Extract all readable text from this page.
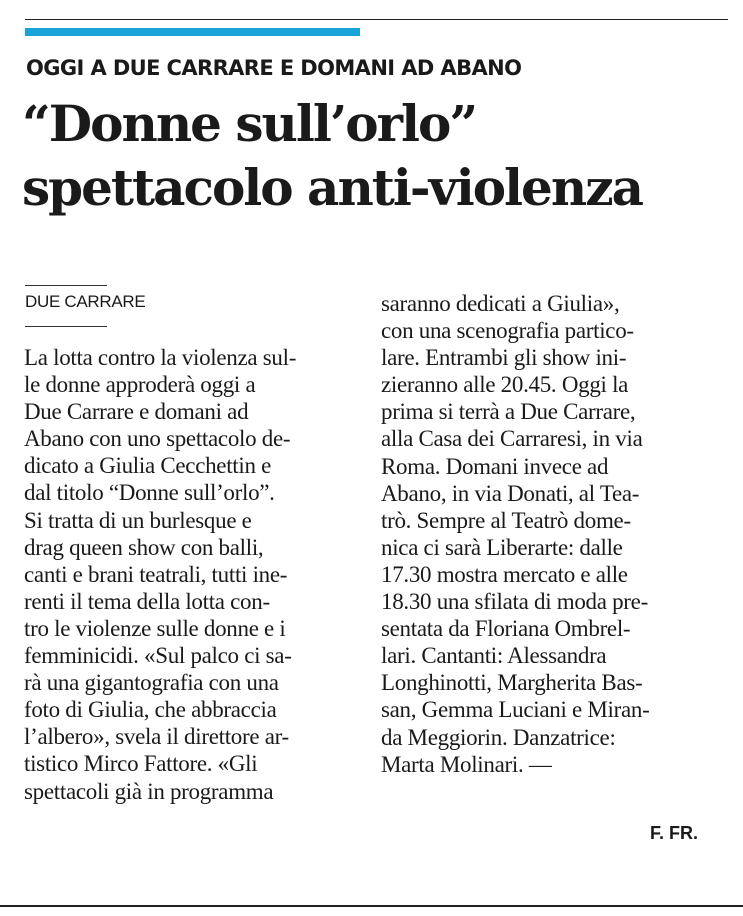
OGGI A DUE CARRARE E DOMANI AD ABANO
“Donne sull’orlo”
spettacolo anti-violenza
DUE CARRARE
La lotta contro la violenza sul-
le donne approderà oggi a
Due Carrare e domani ad
Abano con uno spettacolo de-
dicato a Giulia Cecchettin e
dal titolo “Donne sull’orlo”.
Si tratta di un burlesque e
drag queen show con balli,
canti e brani teatrali, tutti ine-
renti il tema della lotta con-
tro le violenze sulle donne e i
femminicidi. «Sul palco ci sa-
rà una gigantografia con una
foto di Giulia, che abbraccia
l’albero», svela il direttore ar-
tistico Mirco Fattore. «Gli
spettacoli già in programma
saranno dedicati a Giulia»,
con una scenografia partico-
lare. Entrambi gli show ini-
zieranno alle 20.45. Oggi la
prima si terrà a Due Carrare,
alla Casa dei Carraresi, in via
Roma. Domani invece ad
Abano, in via Donati, al Tea-
trò. Sempre al Teatrò dome-
nica ci sarà Liberarte: dalle
17.30 mostra mercato e alle
18.30 una sfilata di moda pre-
sentata da Floriana Ombrel-
lari. Cantanti: Alessandra
Longhinotti, Margherita Bas-
san, Gemma Luciani e Miran-
da Meggiorin. Danzatrice:
Marta Molinari. —
F. FR.
